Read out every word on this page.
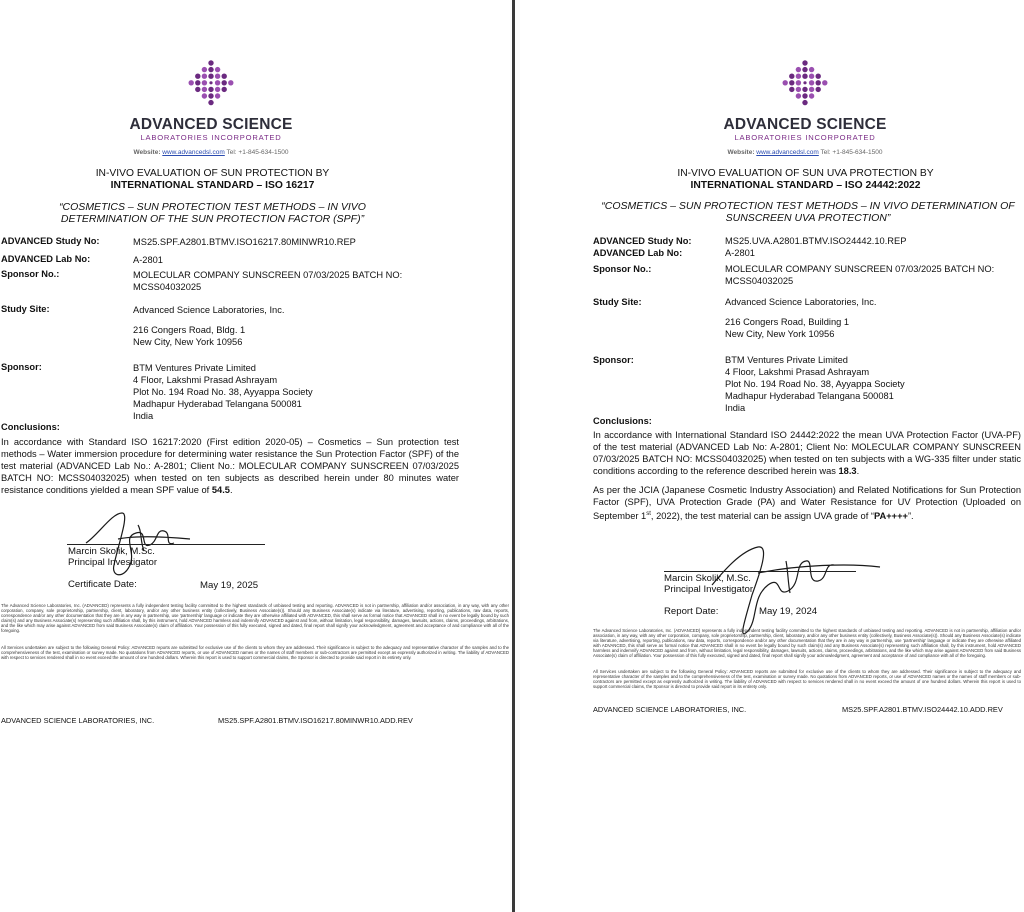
ADVANCED SCIENCE
LABORATORIES INCORPORATED
Website: www.advancedsl.com Tel: +1-845-634-1500
IN-VIVO EVALUATION OF SUN PROTECTION BY
INTERNATIONAL STANDARD – ISO 16217
“COSMETICS – SUN PROTECTION TEST METHODS – IN VIVO
DETERMINATION OF THE SUN PROTECTION FACTOR (SPF)”
ADVANCED Study No:	MS25.SPF.A2801.BTMV.ISO16217.80MINWR10.REP
ADVANCED Lab No:	A-2801
Sponsor No.:	MOLECULAR COMPANY SUNSCREEN 07/03/2025 BATCH NO:
MCSS04032025
Study Site:	Advanced Science Laboratories, Inc.
216 Congers Road, Bldg. 1
New City, New York 10956
Sponsor:	BTM Ventures Private Limited
4 Floor, Lakshmi Prasad Ashrayam
Plot No. 194 Road No. 38, Ayyappa Society
Madhapur Hyderabad Telangana 500081
India
Conclusions:
In accordance with Standard ISO 16217:2020 (First edition 2020-05) – Cosmetics – Sun protection test methods – Water immersion procedure for determining water resistance the Sun Protection Factor (SPF) of the test material (ADVANCED Lab No.: A-2801; Client No.: MOLECULAR COMPANY SUNSCREEN 07/03/2025 BATCH NO: MCSS04032025) when tested on ten subjects as described herein under 80 minutes water resistance conditions yielded a mean SPF value of 54.5.
Marcin Skolik, M.Sc.
Principal Investigator
Certificate Date:	May 19, 2025
The Advanced Science Laboratories, Inc. (ADVANCED) represents a fully independent testing facility committed to the highest standards of unbiased testing and reporting. ADVANCED is not in partnership, affiliation and/or association, in any way, with any other corporation, company, sole proprietorship, partnership, client, laboratory, and/or any other business entity (collectively, Business Associate(s)). Should any Business Associate(s) indicate via literature, advertising, reporting, publications, raw data, reports, correspondence and/or any other documentation that they are in any way in partnership, use 'partnership' language or indicate they are otherwise affiliated with ADVANCED, this shall serve as formal notice that ADVANCED shall in no event be legally bound by such claim(s) and any Business Associate(s) representing such affiliation shall, by this instrument, hold ADVANCED harmless and indemnify ADVANCED against and from, without limitation, legal responsibility, damages, lawsuits, actions, claims, proceedings, arbitrations, and the like which may arise against ADVANCED from said Business Associate(s) claim of affiliation. Your possession of this fully executed, signed and dated, final report shall signify your acknowledgment, agreement and acceptance of and compliance with all of the foregoing.
All Services undertaken are subject to the following General Policy: ADVANCED reports are submitted for exclusive use of the clients to whom they are addressed. Their significance is subject to the adequacy and representative character of the samples and to the comprehensiveness of the test, examination or survey made. No quotations from ADVANCED reports, or use of ADVANCED names or the names of staff members or sub-contractors are permitted except as expressly authorized in writing. The liability of ADVANCED with respect to services rendered shall in no event exceed the amount of one hundred dollars. Wherein this report is used to support commercial claims, the Sponsor is directed to provide said report in its entirety only.
ADVANCED SCIENCE LABORATORIES, INC.	MS25.SPF.A2801.BTMV.ISO16217.80MINWR10.ADD.REV
ADVANCED SCIENCE
LABORATORIES INCORPORATED
Website: www.advancedsl.com Tel: +1-845-634-1500
IN-VIVO EVALUATION OF SUN UVA PROTECTION BY
INTERNATIONAL STANDARD – ISO 24442:2022
“COSMETICS – SUN PROTECTION TEST METHODS – IN VIVO DETERMINATION OF
SUNSCREEN UVA PROTECTION”
ADVANCED Study No:	MS25.UVA.A2801.BTMV.ISO24442.10.REP
ADVANCED Lab No:	A-2801
Sponsor No.:	MOLECULAR COMPANY SUNSCREEN 07/03/2025 BATCH NO:
MCSS04032025
Study Site:	Advanced Science Laboratories, Inc.
216 Congers Road, Building 1
New City, New York 10956
Sponsor:	BTM Ventures Private Limited
4 Floor, Lakshmi Prasad Ashrayam
Plot No. 194 Road No. 38, Ayyappa Society
Madhapur Hyderabad Telangana 500081
India
Conclusions:
In accordance with International Standard ISO 24442:2022 the mean UVA Protection Factor (UVA-PF) of the test material (ADVANCED Lab No: A-2801; Client No: MOLECULAR COMPANY SUNSCREEN 07/03/2025 BATCH NO: MCSS04032025) when tested on ten subjects with a WG-335 filter under static conditions according to the reference described herein was 18.3.
As per the JCIA (Japanese Cosmetic Industry Association) and Related Notifications for Sun Protection Factor (SPF), UVA Protection Grade (PA) and Water Resistance for UV Protection (Uploaded on September 1st, 2022), the test material can be assign UVA grade of “PA++++”.
Marcin Skolik, M.Sc.
Principal Investigator
Report Date:	May 19, 2024
The Advanced Science Laboratories, Inc. (ADVANCED) represents a fully independent testing facility committed to the highest standards of unbiased testing and reporting. ADVANCED is not in partnership, affiliation and/or association, in any way, with any other corporation, company, sole proprietorship, partnership, client, laboratory, and/or any other business entity (collectively, Business Associate(s)). Should any Business Associate(s) indicate via literature, advertising, reporting, publications, raw data, reports, correspondence and/or any other documentation that they are in any way in partnership, use 'partnership' language or indicate they are otherwise affiliated with ADVANCED, this shall serve as formal notice that ADVANCED shall in no event be legally bound by such claim(s) and any Business Associate(s) representing such affiliation shall, by this instrument, hold ADVANCED harmless and indemnify ADVANCED against and from, without limitation, legal responsibility, damages, lawsuits, actions, claims, proceedings, arbitrations, and the like which may arise against ADVANCED from said Business Associate(s) claim of affiliation. Your possession of this fully executed, signed and dated, final report shall signify your acknowledgment, agreement and acceptance of and compliance with all of the foregoing.
All Services undertaken are subject to the following General Policy: ADVANCED reports are submitted for exclusive use of the clients to whom they are addressed. Their significance is subject to the adequacy and representative character of the samples and to the comprehensiveness of the test, examination or survey made. No quotations from ADVANCED reports, or use of ADVANCED names or the names of staff members or sub-contractors are permitted except as expressly authorized in writing. The liability of ADVANCED with respect to services rendered shall in no event exceed the amount of one hundred dollars. Wherein this report is used to support commercial claims, the Sponsor is directed to provide said report in its entirety only.
ADVANCED SCIENCE LABORATORIES, INC.	MS25.SPF.A2801.BTMV.ISO24442.10.ADD.REV
